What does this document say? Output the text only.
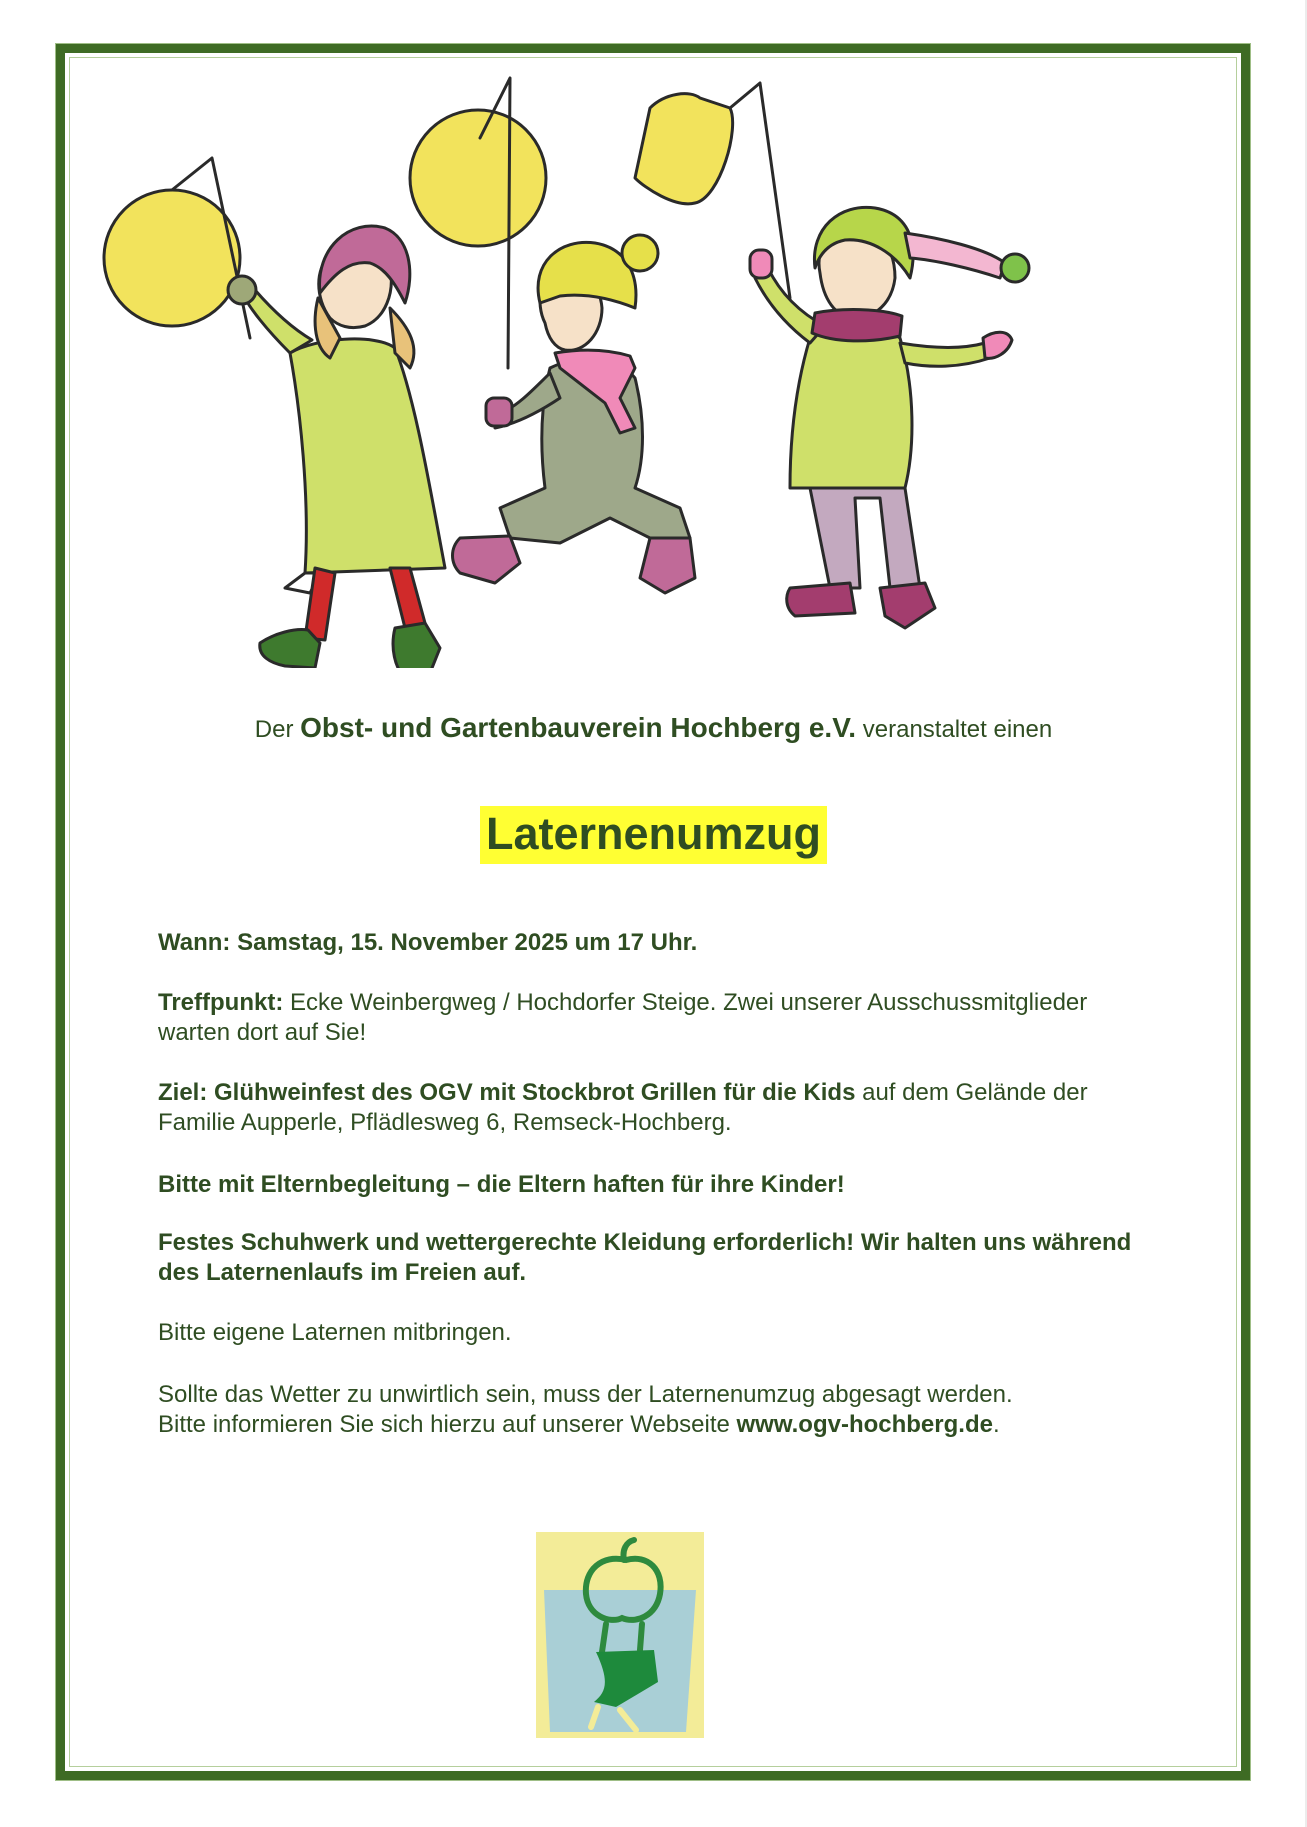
Der Obst- und Gartenbauverein Hochberg e.V. veranstaltet einen
Laternenumzug
Wann: Samstag, 15. November 2025 um 17 Uhr.
Treffpunkt: Ecke Weinbergweg / Hochdorfer Steige. Zwei unserer Ausschussmitglieder warten dort auf Sie!
Ziel: Glühweinfest des OGV mit Stockbrot Grillen für die Kids auf dem Gelände der Familie Aupperle, Pflädlesweg 6, Remseck-Hochberg.
Bitte mit Elternbegleitung – die Eltern haften für ihre Kinder!
Festes Schuhwerk und wettergerechte Kleidung erforderlich! Wir halten uns während des Laternenlaufs im Freien auf.
Bitte eigene Laternen mitbringen.
Sollte das Wetter zu unwirtlich sein, muss der Laternenumzug abgesagt werden.
Bitte informieren Sie sich hierzu auf unserer Webseite www.ogv-hochberg.de.
